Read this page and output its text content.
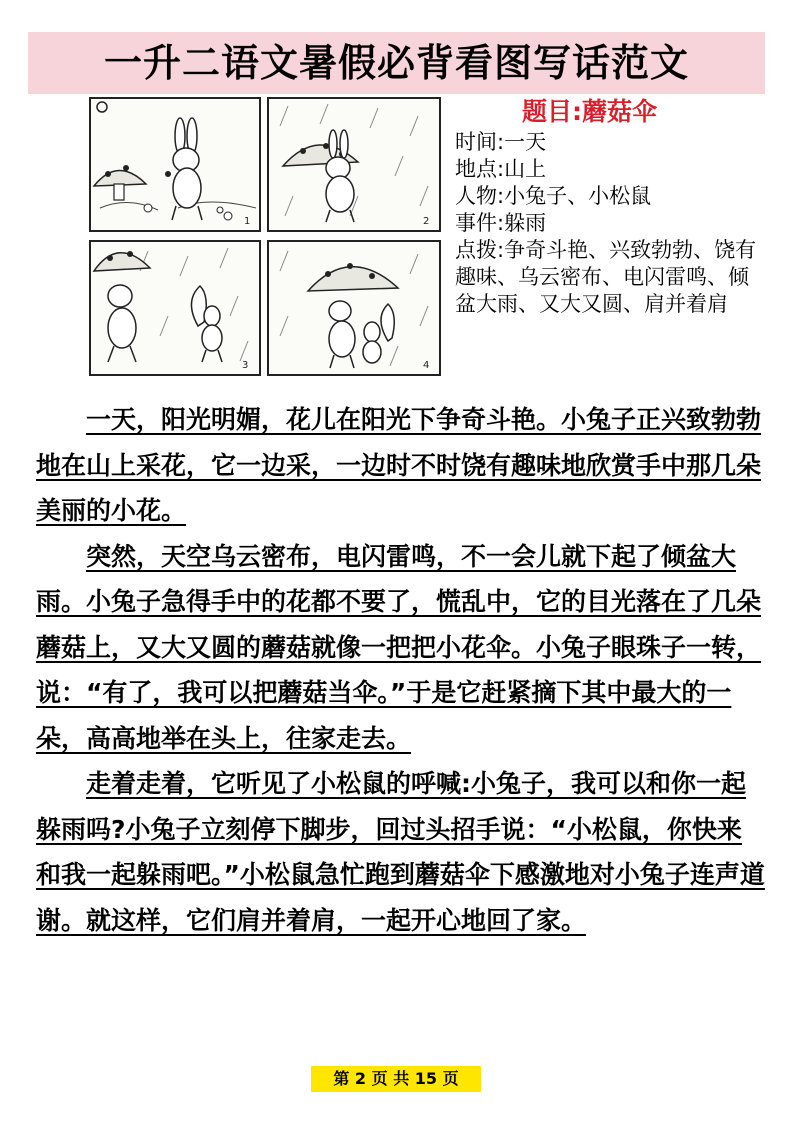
一升二语文暑假必背看图写话范文
1	2
3	4
题目:蘑菇伞
时间:一天
地点:山上
人物:小兔子、小松鼠
事件:躲雨
点拨:争奇斗艳、兴致勃勃、饶有趣味、乌云密布、电闪雷鸣、倾盆大雨、又大又圆、肩并着肩

一天，阳光明媚，花儿在阳光下争奇斗艳。小兔子正兴致勃勃地在山上采花，它一边采，一边时不时饶有趣味地欣赏手中那几朵美丽的小花。

突然，天空乌云密布，电闪雷鸣，不一会儿就下起了倾盆大雨。小兔子急得手中的花都不要了，慌乱中，它的目光落在了几朵蘑菇上，又大又圆的蘑菇就像一把把小花伞。小兔子眼珠子一转，说：“有了，我可以把蘑菇当伞。”于是它赶紧摘下其中最大的一朵，高高地举在头上，往家走去。

走着走着，它听见了小松鼠的呼喊:小兔子，我可以和你一起躲雨吗?小兔子立刻停下脚步，回过头招手说：“小松鼠，你快来和我一起躲雨吧。”小松鼠急忙跑到蘑菇伞下感激地对小兔子连声道谢。就这样，它们肩并着肩，一起开心地回了家。

第 2 页 共 15 页
